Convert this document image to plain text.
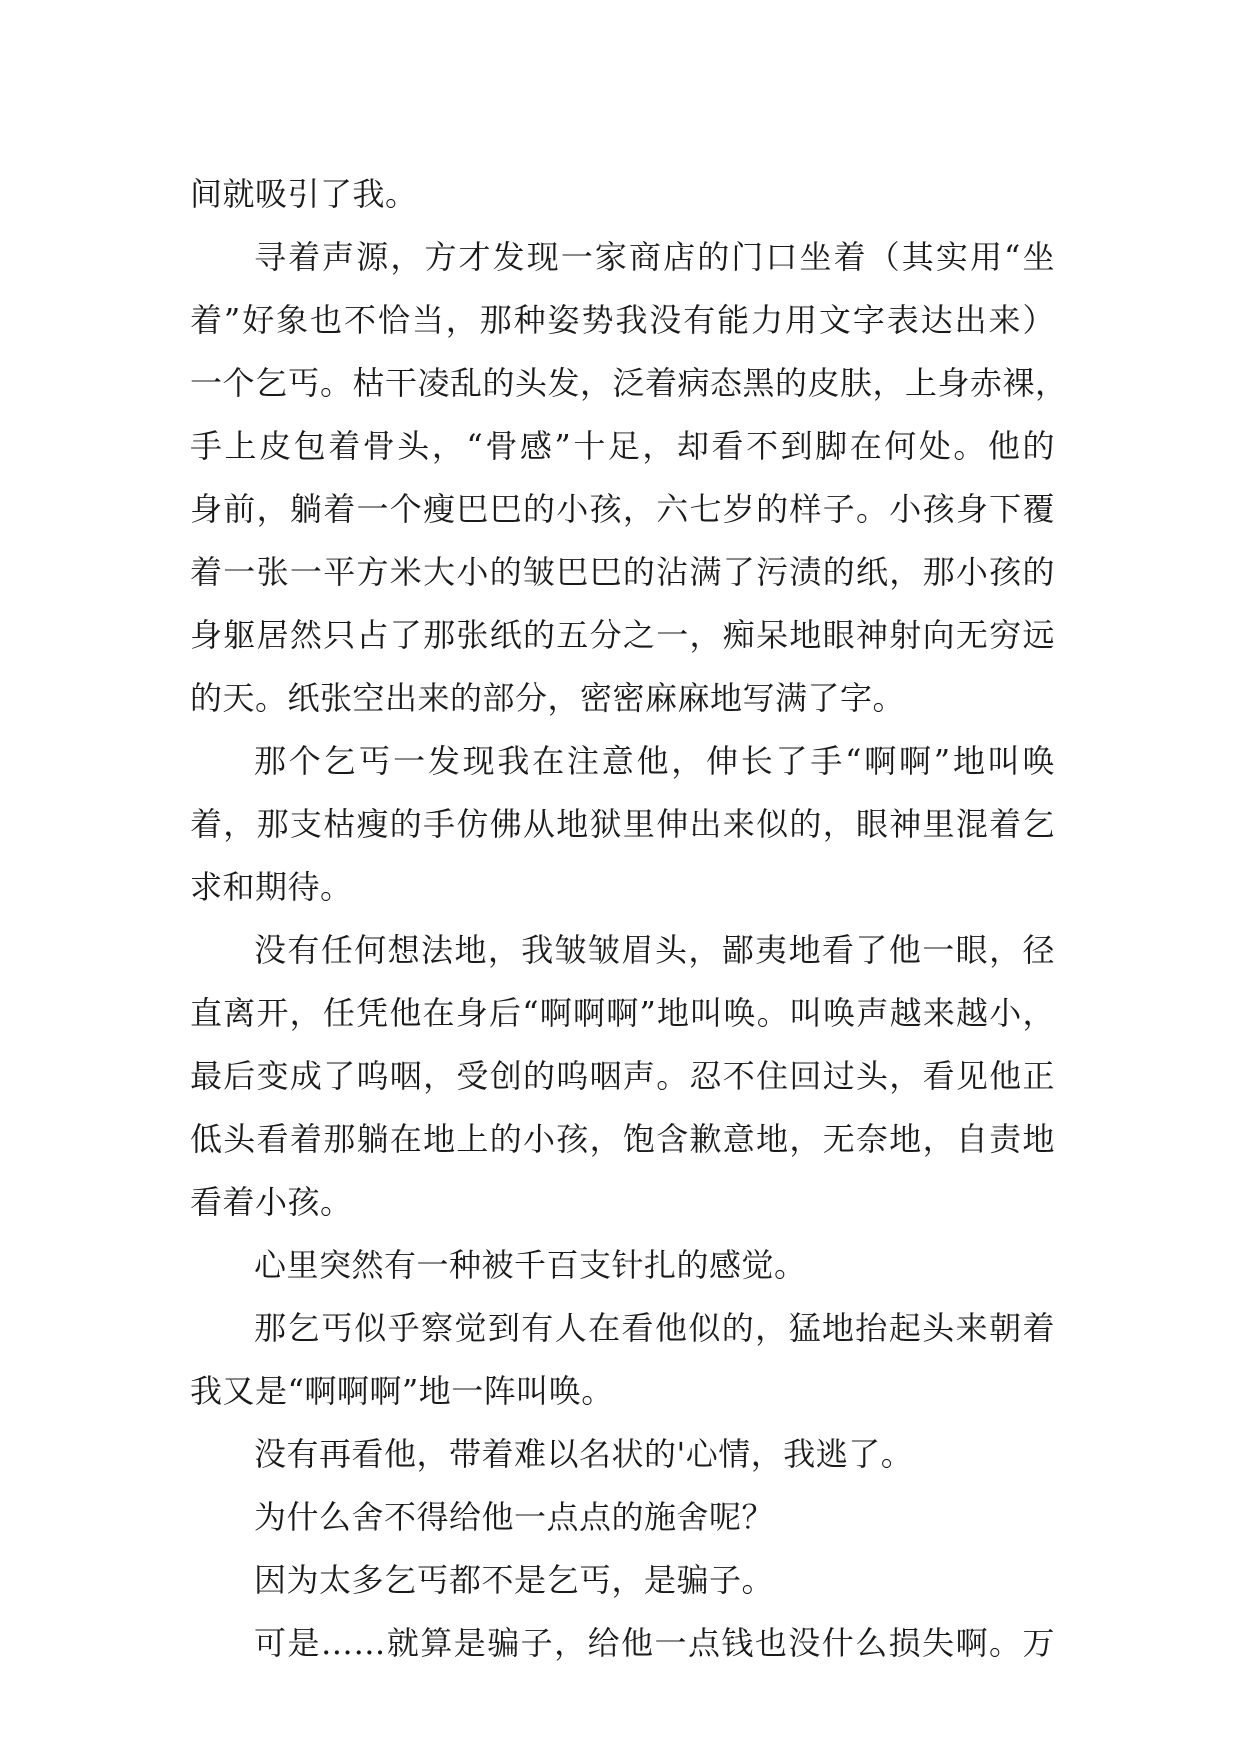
间就吸引了我。
寻着声源，方才发现一家商店的门口坐着（其实用“坐
着”好象也不恰当，那种姿势我没有能力用文字表达出来）
一个乞丐。枯干凌乱的头发，泛着病态黑的皮肤，上身赤裸，
手上皮包着骨头，“骨感”十足，却看不到脚在何处。他的
身前，躺着一个瘦巴巴的小孩，六七岁的样子。小孩身下覆
着一张一平方米大小的皱巴巴的沾满了污渍的纸，那小孩的
身躯居然只占了那张纸的五分之一，痴呆地眼神射向无穷远
的天。纸张空出来的部分，密密麻麻地写满了字。
那个乞丐一发现我在注意他，伸长了手“啊啊”地叫唤
着，那支枯瘦的手仿佛从地狱里伸出来似的，眼神里混着乞
求和期待。
没有任何想法地，我皱皱眉头，鄙夷地看了他一眼，径
直离开，任凭他在身后“啊啊啊”地叫唤。叫唤声越来越小，
最后变成了呜咽，受创的呜咽声。忍不住回过头，看见他正
低头看着那躺在地上的小孩，饱含歉意地，无奈地，自责地
看着小孩。
心里突然有一种被千百支针扎的感觉。
那乞丐似乎察觉到有人在看他似的，猛地抬起头来朝着
我又是“啊啊啊”地一阵叫唤。
没有再看他，带着难以名状的'心情，我逃了。
为什么舍不得给他一点点的施舍呢？
因为太多乞丐都不是乞丐，是骗子。
可是……就算是骗子，给他一点钱也没什么损失啊。万
